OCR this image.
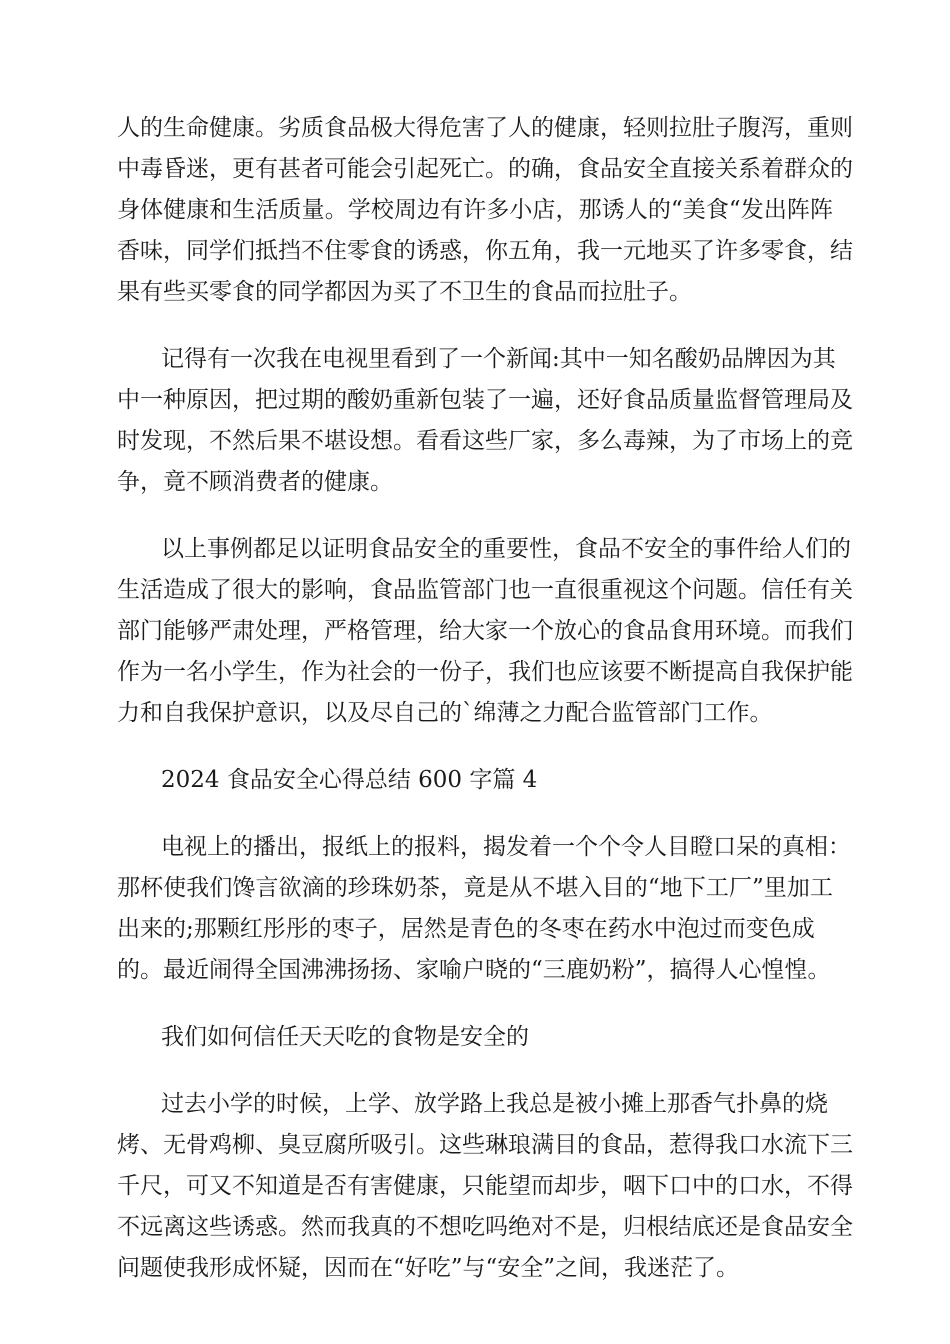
人的生命健康。劣质食品极大得危害了人的健康，轻则拉肚子腹泻，重则
中毒昏迷，更有甚者可能会引起死亡。的确，食品安全直接关系着群众的
身体健康和生活质量。学校周边有许多小店，那诱人的“美食“发出阵阵
香味，同学们抵挡不住零食的诱惑，你五角，我一元地买了许多零食，结
果有些买零食的同学都因为买了不卫生的食品而拉肚子。
记得有一次我在电视里看到了一个新闻:其中一知名酸奶品牌因为其
中一种原因，把过期的酸奶重新包装了一遍，还好食品质量监督管理局及
时发现，不然后果不堪设想。看看这些厂家，多么毒辣，为了市场上的竞
争，竟不顾消费者的健康。
以上事例都足以证明食品安全的重要性，食品不安全的事件给人们的
生活造成了很大的影响，食品监管部门也一直很重视这个问题。信任有关
部门能够严肃处理，严格管理，给大家一个放心的食品食用环境。而我们
作为一名小学生，作为社会的一份子，我们也应该要不断提高自我保护能
力和自我保护意识，以及尽自己的`绵薄之力配合监管部门工作。
2024 食品安全心得总结 600 字篇 4
电视上的播出，报纸上的报料，揭发着一个个令人目瞪口呆的真相：
那杯使我们馋言欲滴的珍珠奶茶，竟是从不堪入目的“地下工厂”里加工
出来的;那颗红彤彤的枣子，居然是青色的冬枣在药水中泡过而变色成
的。最近闹得全国沸沸扬扬、家喻户晓的“三鹿奶粉”，搞得人心惶惶。
我们如何信任天天吃的食物是安全的
过去小学的时候，上学、放学路上我总是被小摊上那香气扑鼻的烧
烤、无骨鸡柳、臭豆腐所吸引。这些琳琅满目的食品，惹得我口水流下三
千尺，可又不知道是否有害健康，只能望而却步，咽下口中的口水，不得
不远离这些诱惑。然而我真的不想吃吗绝对不是，归根结底还是食品安全
问题使我形成怀疑，因而在“好吃”与“安全”之间，我迷茫了。
